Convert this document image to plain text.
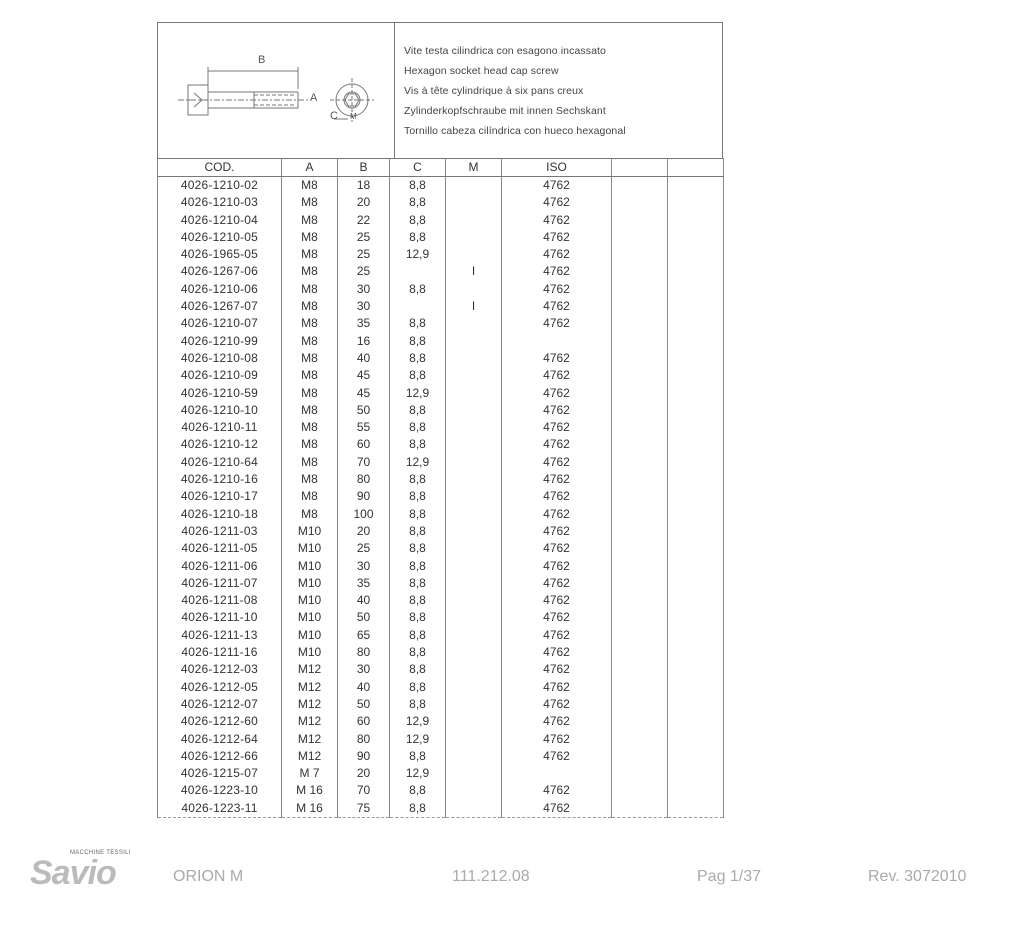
B
A
C M
Vite testa cilindrica con esagono incassato
Hexagon socket head cap screw
Vis à tête cylindrique à six pans creux
Zylinderkopfschraube mit innen Sechskant
Tornillo cabeza cilíndrica con hueco hexagonal
COD.	A	B	C	M	ISO		
4026-1210-02	M8	18	8,8		4762		
4026-1210-03	M8	20	8,8		4762		
4026-1210-04	M8	22	8,8		4762		
4026-1210-05	M8	25	8,8		4762		
4026-1965-05	M8	25	12,9		4762		
4026-1267-06	M8	25		I	4762		
4026-1210-06	M8	30	8,8		4762		
4026-1267-07	M8	30		I	4762		
4026-1210-07	M8	35	8,8		4762		
4026-1210-99	M8	16	8,8				
4026-1210-08	M8	40	8,8		4762		
4026-1210-09	M8	45	8,8		4762		
4026-1210-59	M8	45	12,9		4762		
4026-1210-10	M8	50	8,8		4762		
4026-1210-11	M8	55	8,8		4762		
4026-1210-12	M8	60	8,8		4762		
4026-1210-64	M8	70	12,9		4762		
4026-1210-16	M8	80	8,8		4762		
4026-1210-17	M8	90	8,8		4762		
4026-1210-18	M8	100	8,8		4762		
4026-1211-03	M10	20	8,8		4762		
4026-1211-05	M10	25	8,8		4762		
4026-1211-06	M10	30	8,8		4762		
4026-1211-07	M10	35	8,8		4762		
4026-1211-08	M10	40	8,8		4762		
4026-1211-10	M10	50	8,8		4762		
4026-1211-13	M10	65	8,8		4762		
4026-1211-16	M10	80	8,8		4762		
4026-1212-03	M12	30	8,8		4762		
4026-1212-05	M12	40	8,8		4762		
4026-1212-07	M12	50	8,8		4762		
4026-1212-60	M12	60	12,9		4762		
4026-1212-64	M12	80	12,9		4762		
4026-1212-66	M12	90	8,8		4762		
4026-1215-07	M 7	20	12,9				
4026-1223-10	M 16	70	8,8		4762		
4026-1223-11	M 16	75	8,8		4762		
MACCHINE TESSILI
Savio	ORION M	111.212.08	Pag 1/37	Rev. 3072010
